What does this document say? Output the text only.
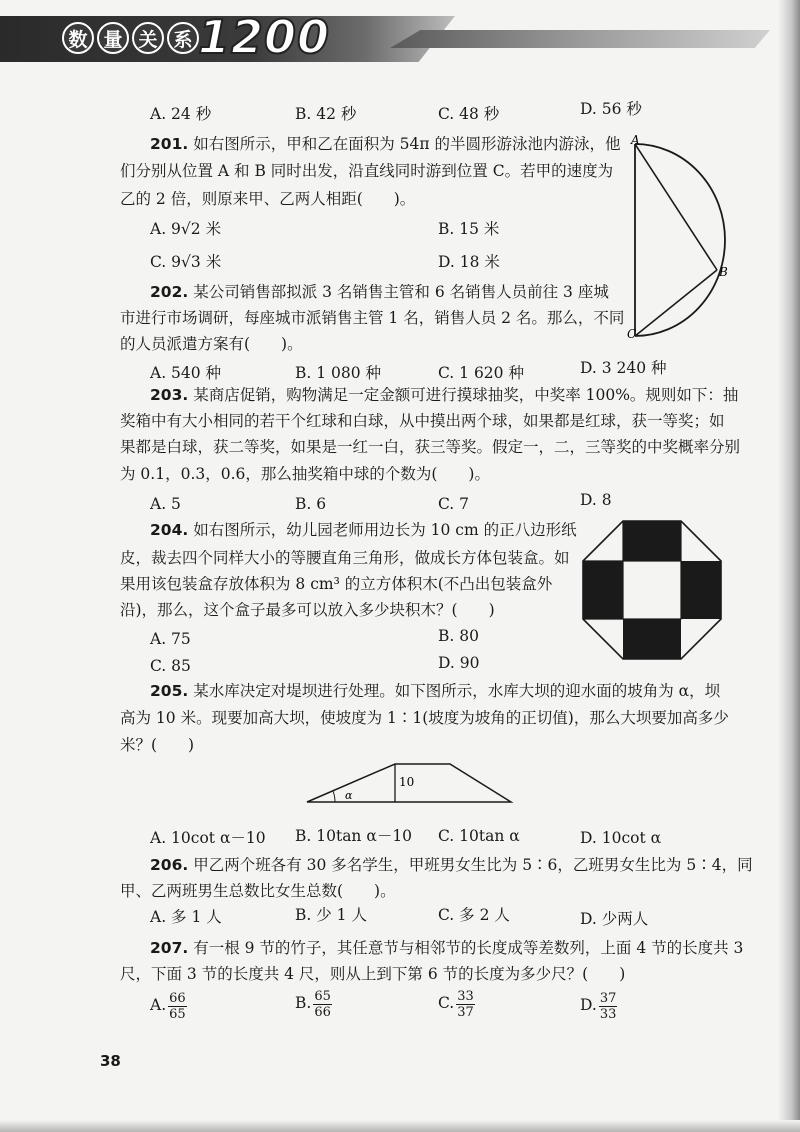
数 量 关 系 1200
A. 24 秒	B. 42 秒	C. 48 秒	D. 56 秒
201. 如右图所示，甲和乙在面积为 54π 的半圆形游泳池内游泳，他
们分别从位置 A 和 B 同时出发，沿直线同时游到位置 C。若甲的速度为
乙的 2 倍，则原来甲、乙两人相距(　　)。
A. 9√2 米	B. 15 米
C. 9√3 米	D. 18 米
A
B
C
202. 某公司销售部拟派 3 名销售主管和 6 名销售人员前往 3 座城
市进行市场调研，每座城市派销售主管 1 名，销售人员 2 名。那么，不同
的人员派遣方案有(　　)。
A. 540 种	B. 1 080 种	C. 1 620 种	D. 3 240 种
203. 某商店促销，购物满足一定金额可进行摸球抽奖，中奖率 100%。规则如下：抽
奖箱中有大小相同的若干个红球和白球，从中摸出两个球，如果都是红球，获一等奖；如
果都是白球，获二等奖，如果是一红一白，获三等奖。假定一，二，三等奖的中奖概率分别
为 0.1，0.3，0.6，那么抽奖箱中球的个数为(　　)。
A. 5	B. 6	C. 7	D. 8
204. 如右图所示，幼儿园老师用边长为 10 cm 的正八边形纸
皮，裁去四个同样大小的等腰直角三角形，做成长方体包装盒。如
果用该包装盒存放体积为 8 cm³ 的立方体积木(不凸出包装盒外
沿)，那么，这个盒子最多可以放入多少块积木？(　　)
A. 75	B. 80
C. 85	D. 90
205. 某水库决定对堤坝进行处理。如下图所示，水库大坝的迎水面的坡角为 α，坝
高为 10 米。现要加高大坝，使坡度为 1∶1(坡度为坡角的正切值)，那么大坝要加高多少
米？(　　)
α
10
A. 10cot α－10 B. 10tan α－10 C. 10tan α	D. 10cot α
206. 甲乙两个班各有 30 多名学生，甲班男女生比为 5∶6，乙班男女生比为 5∶4，同
甲、乙两班男生总数比女生总数(　　)。
A. 多 1 人	B. 少 1 人	C. 多 2 人	D. 少两人
207. 有一根 9 节的竹子，其任意节与相邻节的长度成等差数列，上面 4 节的长度共 3
尺，下面 3 节的长度共 4 尺，则从上到下第 6 节的长度为多少尺？(　　)
A. $\frac{66}{65}$	B. $\frac{65}{66}$	C. $\frac{33}{37}$	D. $\frac{37}{33}$
38
